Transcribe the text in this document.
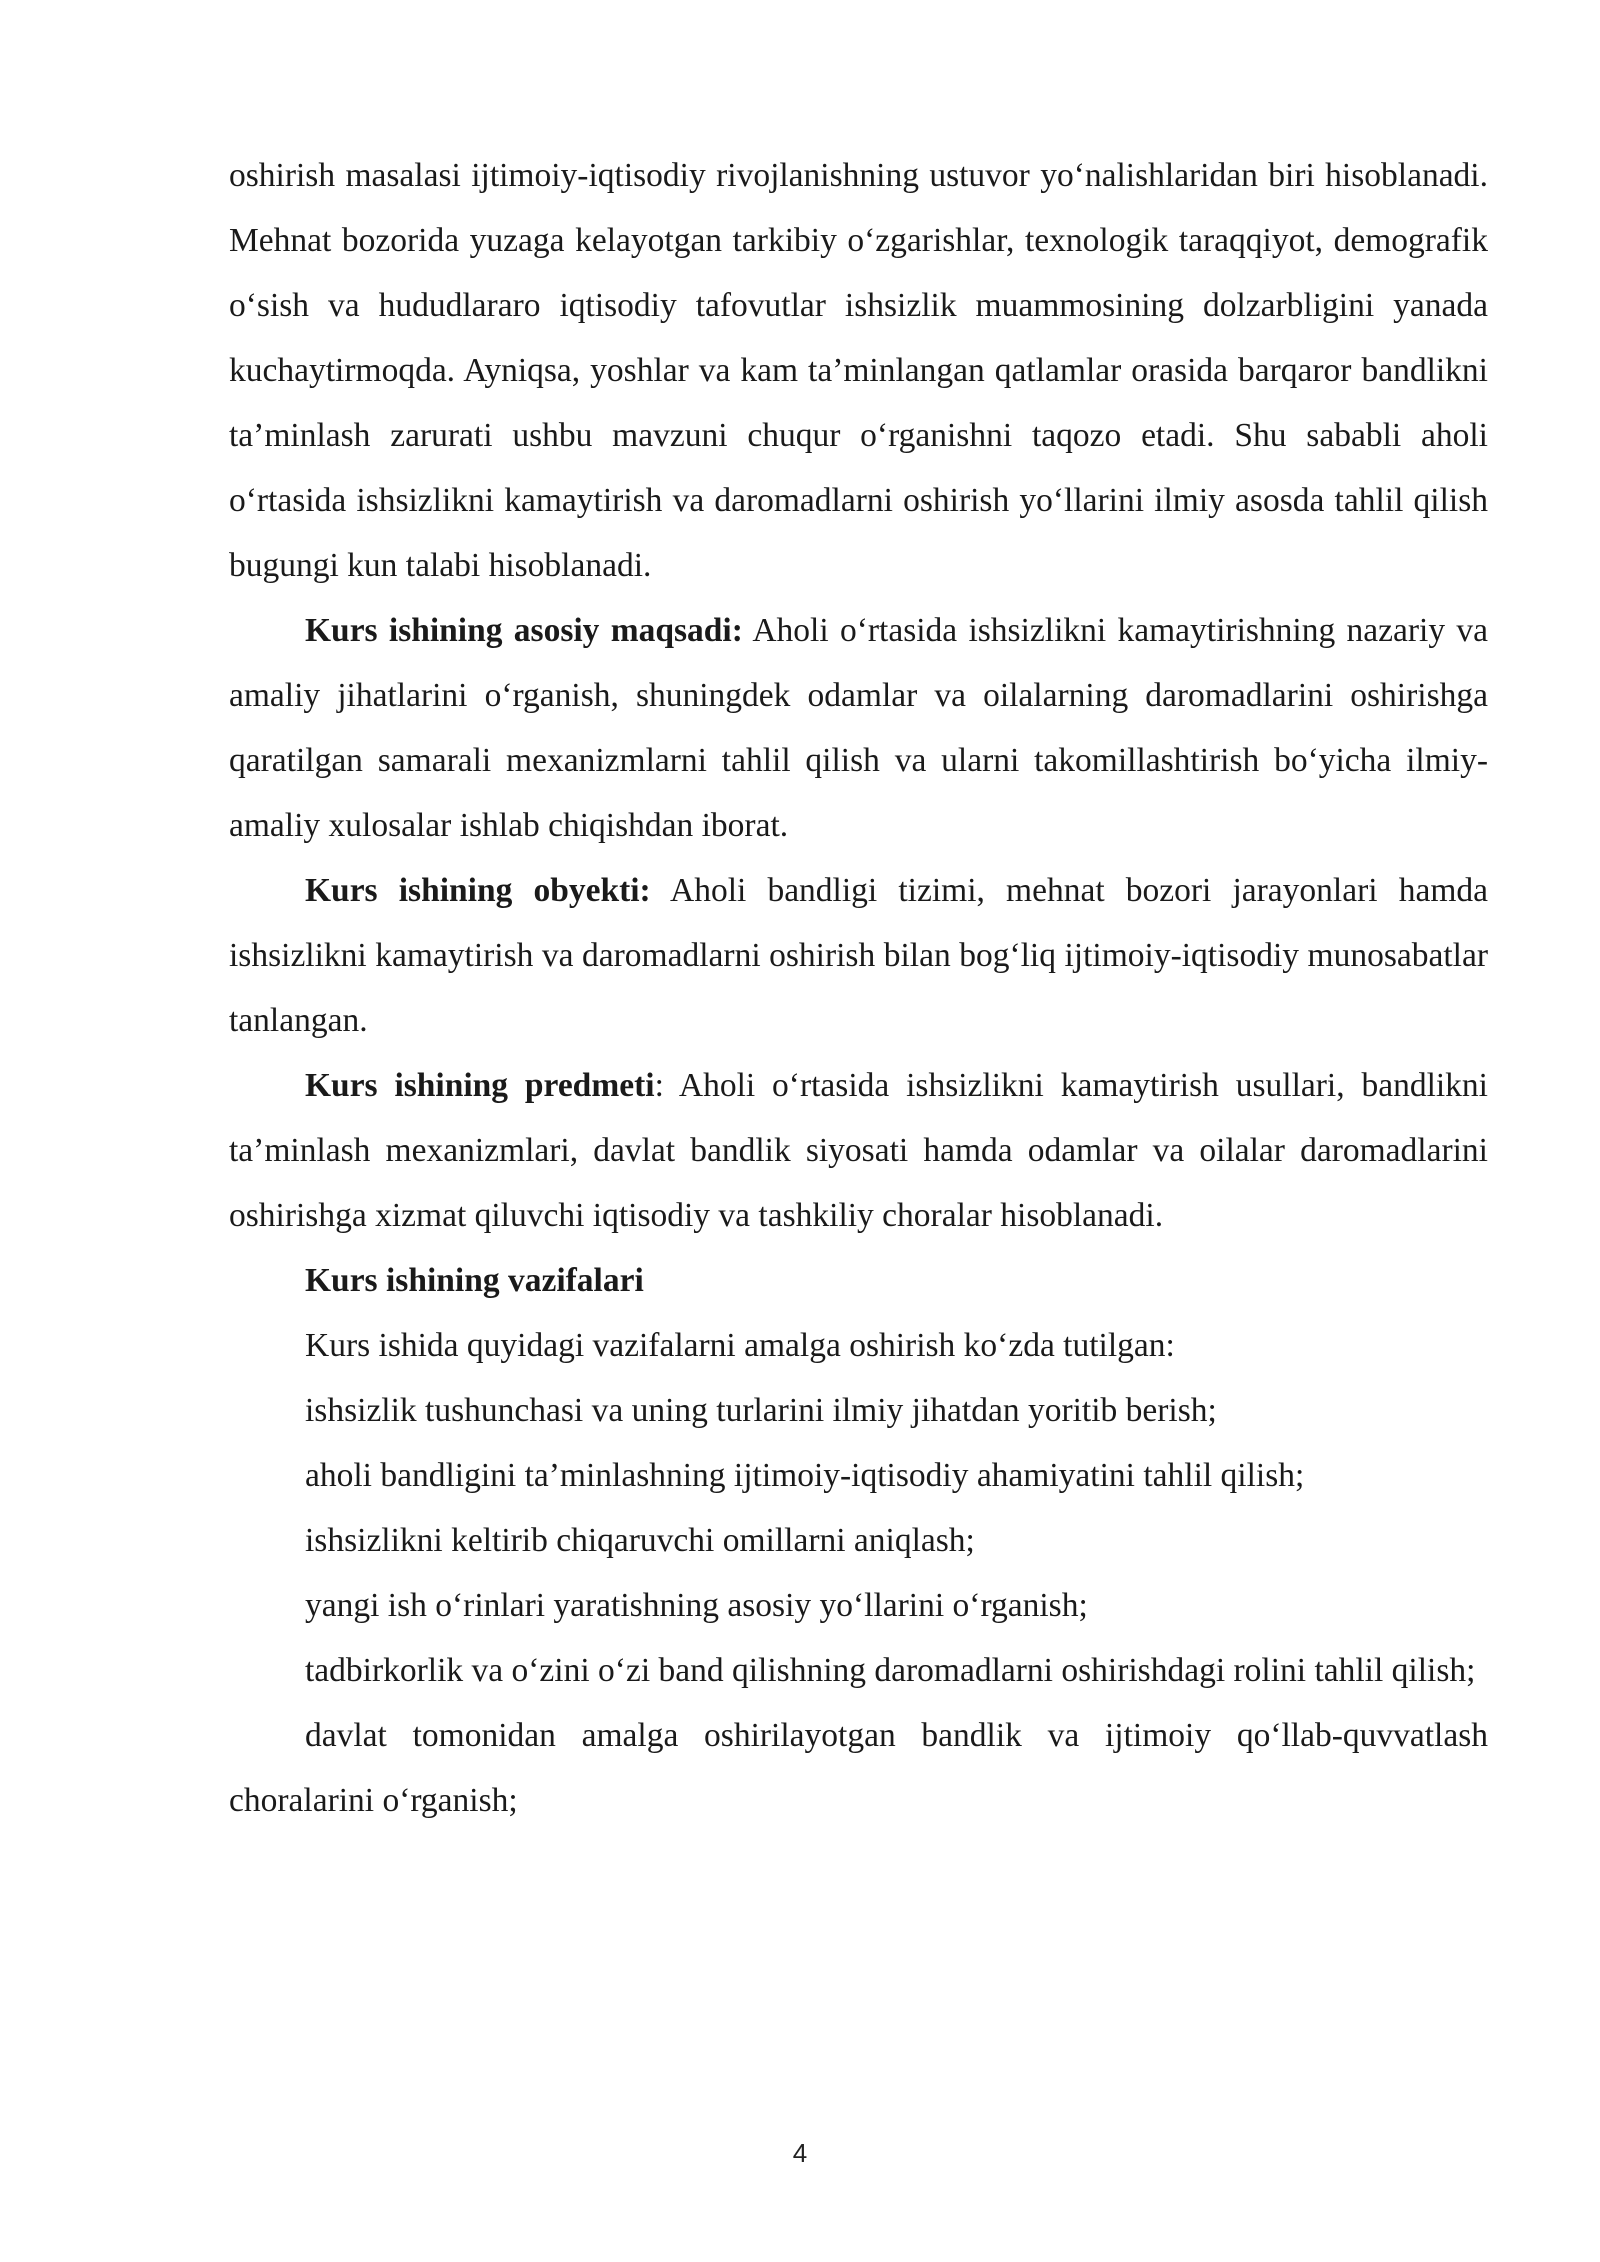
oshirish masalasi ijtimoiy-iqtisodiy rivojlanishning ustuvor yo‘nalishlaridan biri hisoblanadi. Mehnat bozorida yuzaga kelayotgan tarkibiy o‘zgarishlar, texnologik taraqqiyot, demografik o‘sish va hududlararo iqtisodiy tafovutlar ishsizlik muammosining dolzarbligini yanada kuchaytirmoqda. Ayniqsa, yoshlar va kam ta’minlangan qatlamlar orasida barqaror bandlikni ta’minlash zarurati ushbu mavzuni chuqur o‘rganishni taqozo etadi. Shu sababli aholi o‘rtasida ishsizlikni kamaytirish va daromadlarni oshirish yo‘llarini ilmiy asosda tahlil qilish bugungi kun talabi hisoblanadi.

Kurs ishining asosiy maqsadi: Aholi o‘rtasida ishsizlikni kamaytirishning nazariy va amaliy jihatlarini o‘rganish, shuningdek odamlar va oilalarning daromadlarini oshirishga qaratilgan samarali mexanizmlarni tahlil qilish va ularni takomillashtirish bo‘yicha ilmiy-amaliy xulosalar ishlab chiqishdan iborat.

Kurs ishining obyekti: Aholi bandligi tizimi, mehnat bozori jarayonlari hamda ishsizlikni kamaytirish va daromadlarni oshirish bilan bog‘liq ijtimoiy-iqtisodiy munosabatlar tanlangan.

Kurs ishining predmeti: Aholi o‘rtasida ishsizlikni kamaytirish usullari, bandlikni ta’minlash mexanizmlari, davlat bandlik siyosati hamda odamlar va oilalar daromadlarini oshirishga xizmat qiluvchi iqtisodiy va tashkiliy choralar hisoblanadi.

Kurs ishining vazifalari

Kurs ishida quyidagi vazifalarni amalga oshirish ko‘zda tutilgan:

ishsizlik tushunchasi va uning turlarini ilmiy jihatdan yoritib berish;

aholi bandligini ta’minlashning ijtimoiy-iqtisodiy ahamiyatini tahlil qilish;

ishsizlikni keltirib chiqaruvchi omillarni aniqlash;

yangi ish o‘rinlari yaratishning asosiy yo‘llarini o‘rganish;

tadbirkorlik va o‘zini o‘zi band qilishning daromadlarni oshirishdagi rolini tahlil qilish;

davlat tomonidan amalga oshirilayotgan bandlik va ijtimoiy qo‘llab-quvvatlash choralarini o‘rganish;

4
